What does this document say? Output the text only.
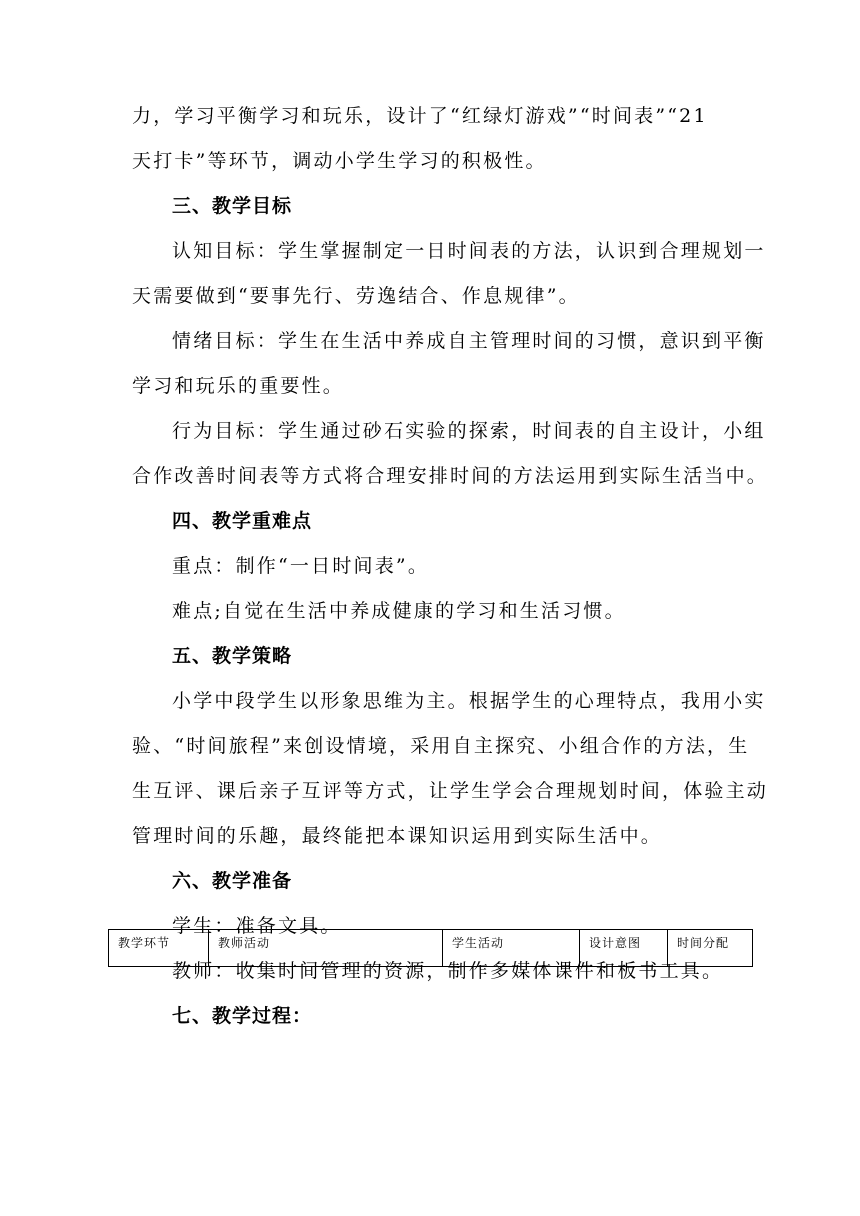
力，学习平衡学习和玩乐，设计了“红绿灯游戏”“时间表”“21

天打卡”等环节，调动小学生学习的积极性。

三、教学目标

认知目标：学生掌握制定一日时间表的方法，认识到合理规划一

天需要做到“要事先行、劳逸结合、作息规律”。

情绪目标：学生在生活中养成自主管理时间的习惯，意识到平衡

学习和玩乐的重要性。

行为目标：学生通过砂石实验的探索，时间表的自主设计，小组

合作改善时间表等方式将合理安排时间的方法运用到实际生活当中。

四、教学重难点

重点：制作“一日时间表”。

难点;自觉在生活中养成健康的学习和生活习惯。

五、教学策略

小学中段学生以形象思维为主。根据学生的心理特点，我用小实

验、“时间旅程”来创设情境，采用自主探究、小组合作的方法，生

生互评、课后亲子互评等方式，让学生学会合理规划时间，体验主动

管理时间的乐趣，最终能把本课知识运用到实际生活中。

六、教学准备

学生：准备文具。

教师：收集时间管理的资源，制作多媒体课件和板书工具。

七、教学过程：

教学环节	教师活动	学生活动	设计意图	时间分配
